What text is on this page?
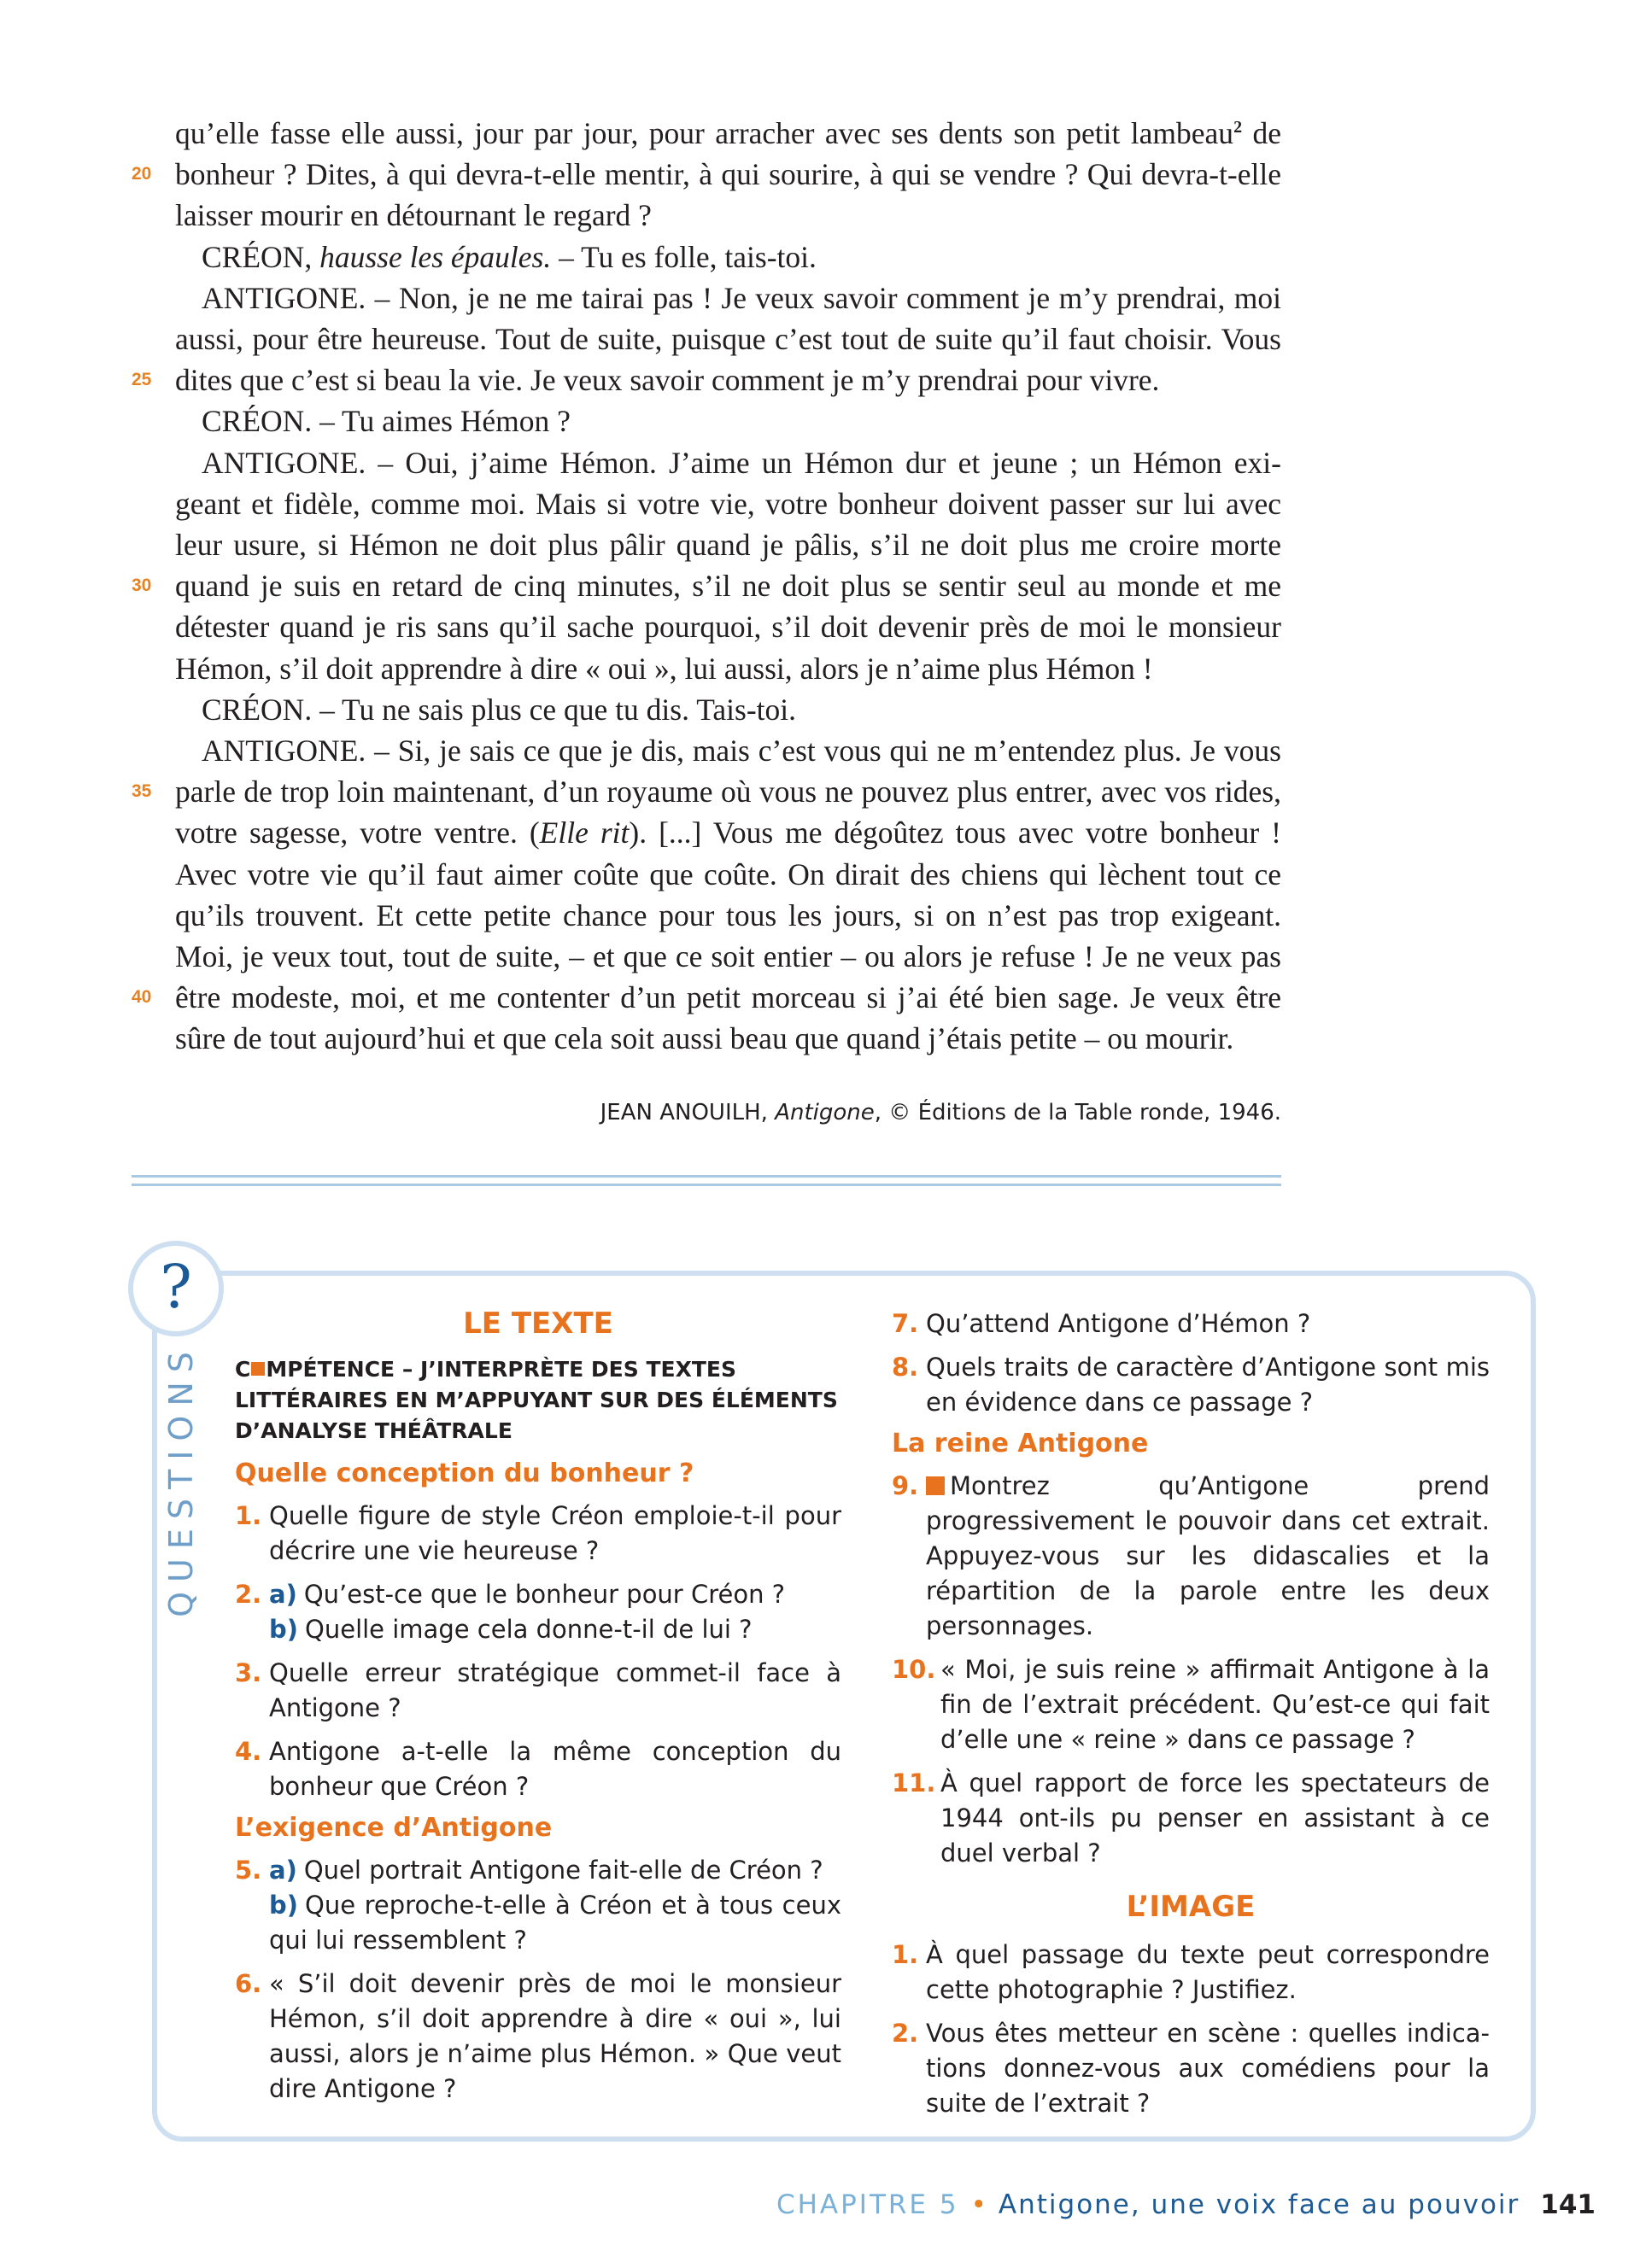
qu’elle fasse elle aussi, jour par jour, pour arracher avec ses dents son petit lambeau$^2$ de
20 bonheur ? Dites, à qui devra-t-elle mentir, à qui sourire, à qui se vendre ? Qui devra-t-elle
laisser mourir en détournant le regard ?
CRÉON, hausse les épaules. – Tu es folle, tais-toi.
ANTIGONE. – Non, je ne me tairai pas ! Je veux savoir comment je m’y prendrai, moi
aussi, pour être heureuse. Tout de suite, puisque c’est tout de suite qu’il faut choisir. Vous
25 dites que c’est si beau la vie. Je veux savoir comment je m’y prendrai pour vivre.
CRÉON. – Tu aimes Hémon ?
ANTIGONE. – Oui, j’aime Hémon. J’aime un Hémon dur et jeune ; un Hémon exi-
geant et fidèle, comme moi. Mais si votre vie, votre bonheur doivent passer sur lui avec
leur usure, si Hémon ne doit plus pâlir quand je pâlis, s’il ne doit plus me croire morte
30 quand je suis en retard de cinq minutes, s’il ne doit plus se sentir seul au monde et me
détester quand je ris sans qu’il sache pourquoi, s’il doit devenir près de moi le monsieur
Hémon, s’il doit apprendre à dire « oui », lui aussi, alors je n’aime plus Hémon !
CRÉON. – Tu ne sais plus ce que tu dis. Tais-toi.
ANTIGONE. – Si, je sais ce que je dis, mais c’est vous qui ne m’entendez plus. Je vous
35 parle de trop loin maintenant, d’un royaume où vous ne pouvez plus entrer, avec vos rides,
votre sagesse, votre ventre. (Elle rit). [...] Vous me dégoûtez tous avec votre bonheur !
Avec votre vie qu’il faut aimer coûte que coûte. On dirait des chiens qui lèchent tout ce
qu’ils trouvent. Et cette petite chance pour tous les jours, si on n’est pas trop exigeant.
Moi, je veux tout, tout de suite, – et que ce soit entier – ou alors je refuse ! Je ne veux pas
40 être modeste, moi, et me contenter d’un petit morceau si j’ai été bien sage. Je veux être
sûre de tout aujourd’hui et que cela soit aussi beau que quand j’étais petite – ou mourir.
JEAN ANOUILH, Antigone, © Éditions de la Table ronde, 1946.
?
QUESTIONS
LE TEXTE
C MPÉTENCE – J’INTERPRÈTE DES TEXTES LITTÉRAIRES EN M’APPUYANT SUR DES ÉLÉMENTS D’ANALYSE THÉÂTRALE
Quelle conception du bonheur ?
1. Quelle figure de style Créon emploie-t-il pour décrire une vie heureuse ?
2. a) Qu’est-ce que le bonheur pour Créon ?
b) Quelle image cela donne-t-il de lui ?
3. Quelle erreur stratégique commet-il face à Antigone ?
4. Antigone a-t-elle la même conception du bonheur que Créon ?
L’exigence d’Antigone
5. a) Quel portrait Antigone fait-elle de Créon ?
b) Que reproche-t-elle à Créon et à tous ceux qui lui ressemblent ?
6. « S’il doit devenir près de moi le monsieur Hémon, s’il doit apprendre à dire « oui », lui aussi, alors je n’aime plus Hémon. » Que veut dire Antigone ?
7. Qu’attend Antigone d’Hémon ?
8. Quels traits de caractère d’Antigone sont mis en évidence dans ce passage ?
La reine Antigone
9. Montrez qu’Antigone prend progressivement le pouvoir dans cet extrait. Appuyez-vous sur les didascalies et la répartition de la parole entre les deux personnages.
10. « Moi, je suis reine » affirmait Antigone à la fin de l’extrait précédent. Qu’est-ce qui fait d’elle une « reine » dans ce passage ?
11. À quel rapport de force les spectateurs de 1944 ont-ils pu penser en assistant à ce duel verbal ?
L’IMAGE
1. À quel passage du texte peut correspondre cette photographie ? Justifiez.
2. Vous êtes metteur en scène : quelles indica-tions donnez-vous aux comédiens pour la suite de l’extrait ?
CHAPITRE 5 • Antigone, une voix face au pouvoir 141
